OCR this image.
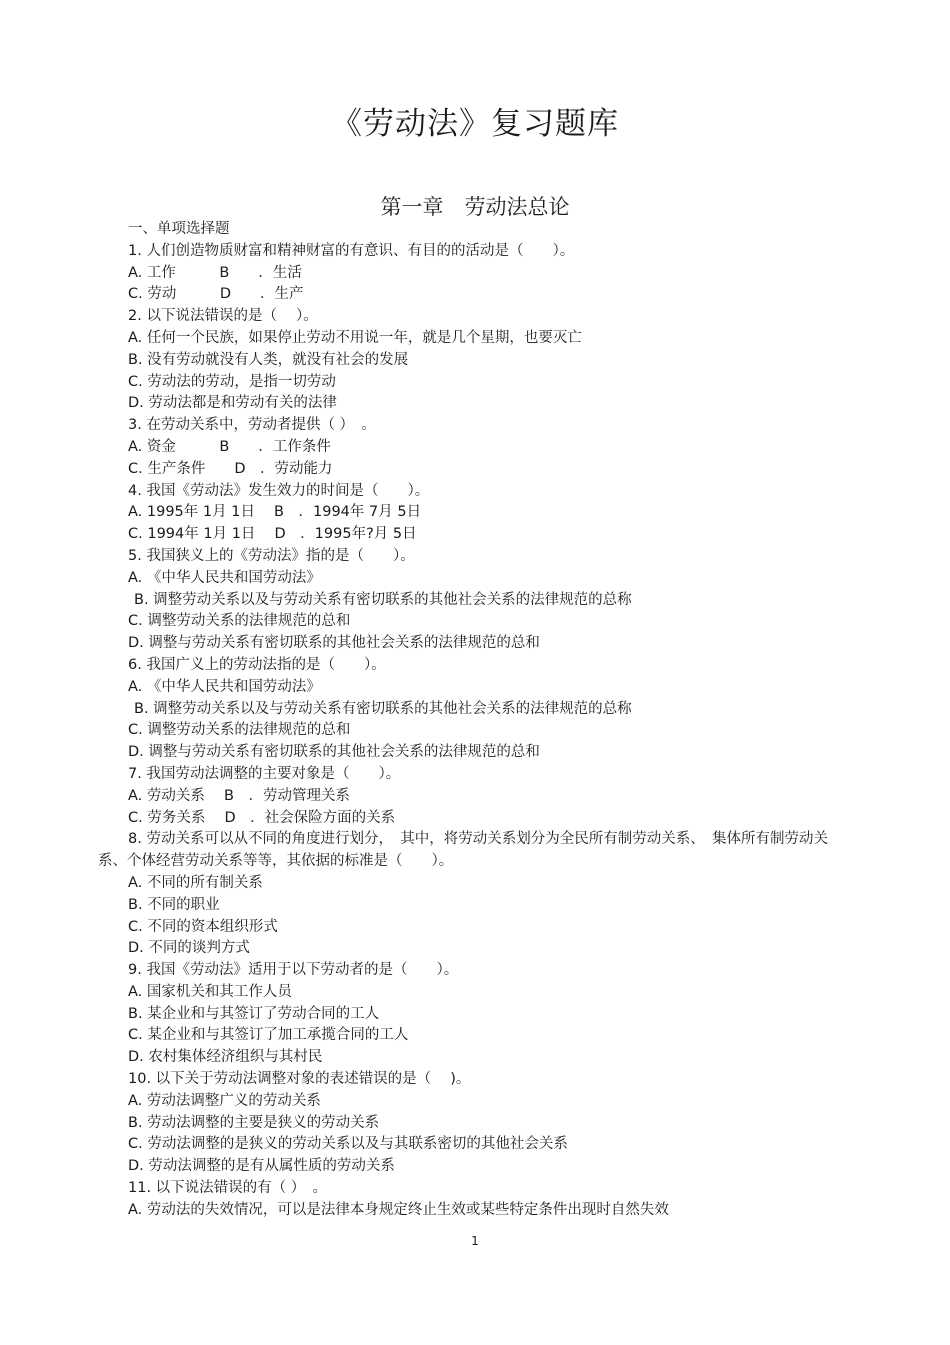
《劳动法》复习题库
第一章　劳动法总论
一、单项选择题
1. 人们创造物质财富和精神财富的有意识、有目的的活动是（　　）。
A. 工作　　　B　　．生活
C. 劳动　　　D　　．生产
2. 以下说法错误的是（　 ）。
A. 任何一个民族，如果停止劳动不用说一年，就是几个星期，也要灭亡
B. 没有劳动就没有人类，就没有社会的发展
C. 劳动法的劳动，是指一切劳动
D. 劳动法都是和劳动有关的法律
3. 在劳动关系中，劳动者提供（ ）　。
A. 资金　　　B　　．工作条件
C. 生产条件　　D　．劳动能力
4. 我国《劳动法》发生效力的时间是（　　）。
A. 1995年 1月 1日　 B　．1994年 7月 5日
C. 1994年 1月 1日　 D　．1995年?月 5日
5. 我国狭义上的《劳动法》指的是（　　）。
A. 《中华人民共和国劳动法》
B. 调整劳动关系以及与劳动关系有密切联系的其他社会关系的法律规范的总称
C. 调整劳动关系的法律规范的总和
D. 调整与劳动关系有密切联系的其他社会关系的法律规范的总和
6. 我国广义上的劳动法指的是（　　）。
A. 《中华人民共和国劳动法》
B. 调整劳动关系以及与劳动关系有密切联系的其他社会关系的法律规范的总称
C. 调整劳动关系的法律规范的总和
D. 调整与劳动关系有密切联系的其他社会关系的法律规范的总和
7. 我国劳动法调整的主要对象是（　　）。
A. 劳动关系　 B　．劳动管理关系
C. 劳务关系　 D　．社会保险方面的关系
8. 劳动关系可以从不同的角度进行划分，　其中，将劳动关系划分为全民所有制劳动关系、　集体所有制劳动关
系、个体经营劳动关系等等，其依据的标准是（　　）。
A. 不同的所有制关系
B. 不同的职业
C. 不同的资本组织形式
D. 不同的谈判方式
9. 我国《劳动法》适用于以下劳动者的是（　　）。
A. 国家机关和其工作人员
B. 某企业和与其签订了劳动合同的工人
C. 某企业和与其签订了加工承揽合同的工人
D. 农村集体经济组织与其村民
10. 以下关于劳动法调整对象的表述错误的是（　 )。
A. 劳动法调整广义的劳动关系
B. 劳动法调整的主要是狭义的劳动关系
C. 劳动法调整的是狭义的劳动关系以及与其联系密切的其他社会关系
D. 劳动法调整的是有从属性质的劳动关系
11. 以下说法错误的有（ ）　。
A. 劳动法的失效情况，可以是法律本身规定终止生效或某些特定条件出现时自然失效
1
